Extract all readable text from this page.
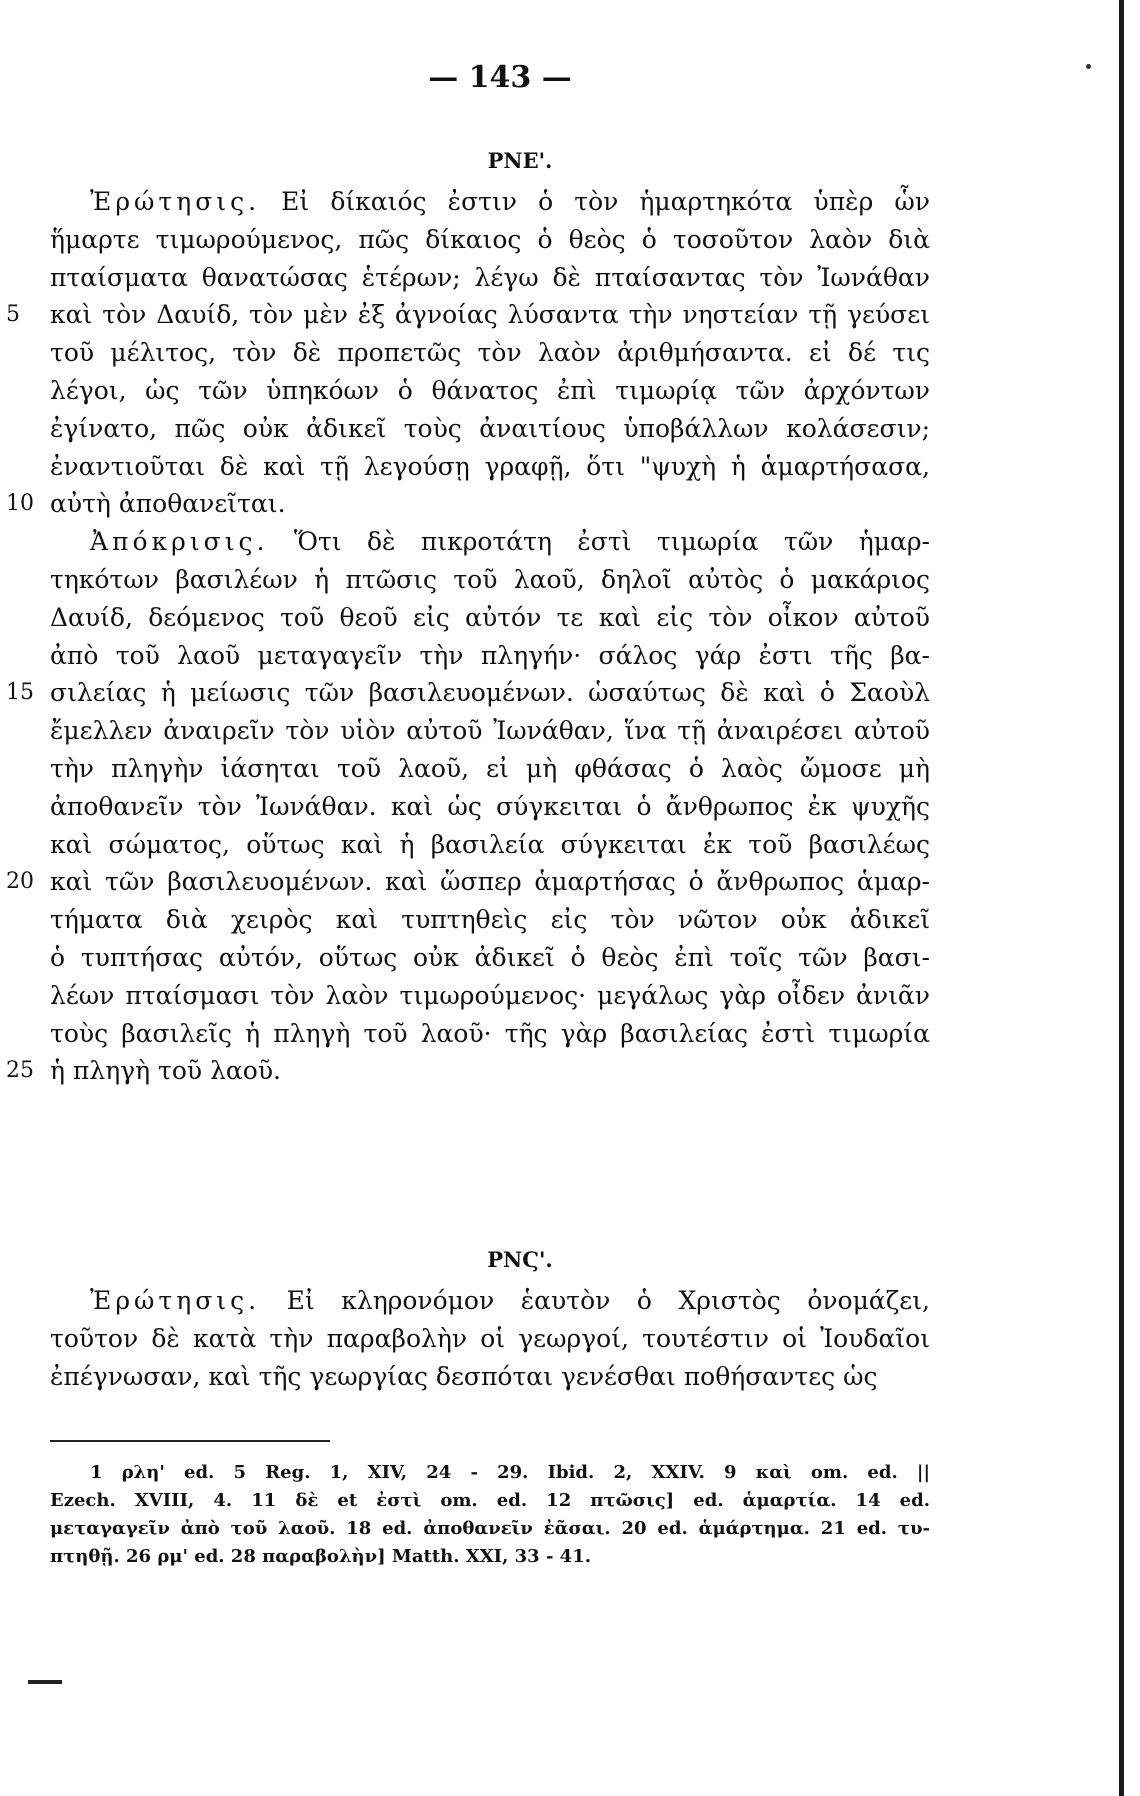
— 143 —
ΡΝΕ'.
Ἐρώτησις. Εἰ δίκαιός ἐστιν ὁ τὸν ἡμαρτηκότα ὑπὲρ ὧν
ἥμαρτε τιμωρούμενος, πῶς δίκαιος ὁ θεὸς ὁ τοσοῦτον λαὸν διὰ
πταίσματα θανατώσας ἑτέρων; λέγω δὲ πταίσαντας τὸν Ἰωνάθαν
καὶ τὸν Δαυίδ, τὸν μὲν ἐξ ἀγνοίας λύσαντα τὴν νηστείαν τῇ γεύσει
5
τοῦ μέλιτος, τὸν δὲ προπετῶς τὸν λαὸν ἀριθμήσαντα. εἰ δέ τις
λέγοι, ὡς τῶν ὑπηκόων ὁ θάνατος ἐπὶ τιμωρίᾳ τῶν ἀρχόντων
ἐγίνατο, πῶς οὐκ ἀδικεῖ τοὺς ἀναιτίους ὑποβάλλων κολάσεσιν;
ἐναντιοῦται δὲ καὶ τῇ λεγούσῃ γραφῇ, ὅτι "ψυχὴ ἡ ἁμαρτήσασα,
αὐτὴ ἀποθανεῖται.
10
Ἀπόκρισις. Ὅτι δὲ πικροτάτη ἐστὶ τιμωρία τῶν ἡμαρ-
τηκότων βασιλέων ἡ πτῶσις τοῦ λαοῦ, δηλοῖ αὐτὸς ὁ μακάριος
Δαυίδ, δεόμενος τοῦ θεοῦ εἰς αὐτόν τε καὶ εἰς τὸν οἶκον αὐτοῦ
ἀπὸ τοῦ λαοῦ μεταγαγεῖν τὴν πληγήν· σάλος γάρ ἐστι τῆς βα-
σιλείας ἡ μείωσις τῶν βασιλευομένων. ὡσαύτως δὲ καὶ ὁ Σαοὺλ
15
ἔμελλεν ἀναιρεῖν τὸν υἱὸν αὐτοῦ Ἰωνάθαν, ἵνα τῇ ἀναιρέσει αὐτοῦ
τὴν πληγὴν ἰάσηται τοῦ λαοῦ, εἰ μὴ φθάσας ὁ λαὸς ὤμοσε μὴ
ἀποθανεῖν τὸν Ἰωνάθαν. καὶ ὡς σύγκειται ὁ ἄνθρωπος ἐκ ψυχῆς
καὶ σώματος, οὕτως καὶ ἡ βασιλεία σύγκειται ἐκ τοῦ βασιλέως
καὶ τῶν βασιλευομένων. καὶ ὥσπερ ἁμαρτήσας ὁ ἄνθρωπος ἁμαρ-
20
τήματα διὰ χειρὸς καὶ τυπτηθεὶς εἰς τὸν νῶτον οὐκ ἀδικεῖ
ὁ τυπτήσας αὐτόν, οὕτως οὐκ ἀδικεῖ ὁ θεὸς ἐπὶ τοῖς τῶν βασι-
λέων πταίσμασι τὸν λαὸν τιμωρούμενος· μεγάλως γὰρ οἶδεν ἀνιᾶν
τοὺς βασιλεῖς ἡ πληγὴ τοῦ λαοῦ· τῆς γὰρ βασιλείας ἐστὶ τιμωρία
ἡ πληγὴ τοῦ λαοῦ.
25
ΡΝϚ'.
Ἐρώτησις. Εἰ κληρονόμον ἑαυτὸν ὁ Χριστὸς ὀνομάζει,
τοῦτον δὲ κατὰ τὴν παραβολὴν οἱ γεωργοί, τουτέστιν οἱ Ἰουδαῖοι
ἐπέγνωσαν, καὶ τῆς γεωργίας δεσπόται γενέσθαι ποθήσαντες ὡς
1 ρλη' ed. 5 Reg. 1, XIV, 24 - 29. Ibid. 2, XXIV. 9 καὶ om. ed. ||
Ezech. XVIII, 4. 11 δὲ et ἐστὶ om. ed. 12 πτῶσις] ed. ἁμαρτία. 14 ed.
μεταγαγεῖν ἀπὸ τοῦ λαοῦ. 18 ed. ἀποθανεῖν ἐᾶσαι. 20 ed. ἁμάρτημα. 21 ed. τυ-
πτηθῇ. 26 ρμ' ed. 28 παραβολὴν] Matth. XXI, 33 - 41.
